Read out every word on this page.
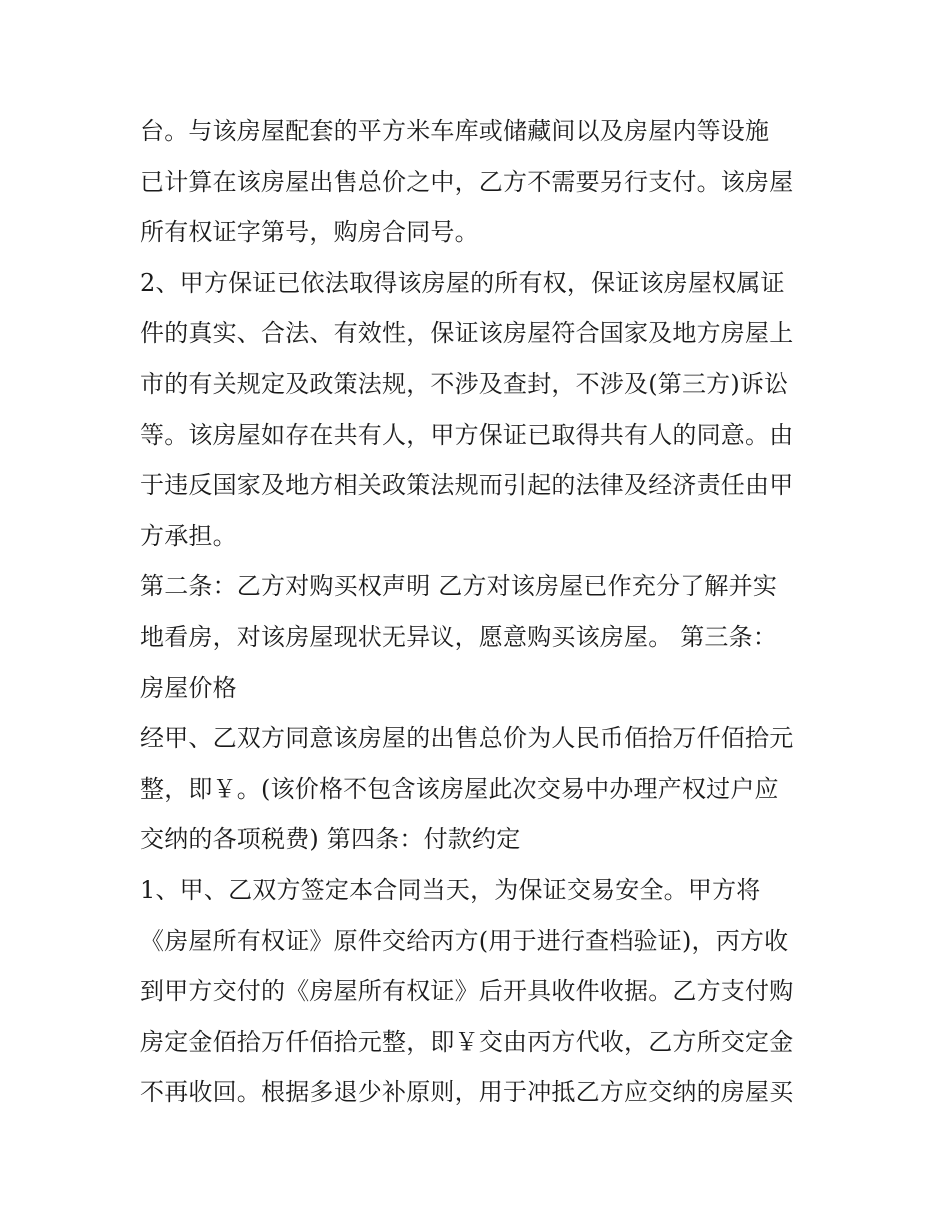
台。与该房屋配套的平方米车库或储藏间以及房屋内等设施
已计算在该房屋出售总价之中，乙方不需要另行支付。该房屋
所有权证字第号，购房合同号。
2、甲方保证已依法取得该房屋的所有权，保证该房屋权属证
件的真实、合法、有效性，保证该房屋符合国家及地方房屋上
市的有关规定及政策法规，不涉及查封，不涉及(第三方)诉讼
等。该房屋如存在共有人，甲方保证已取得共有人的同意。由
于违反国家及地方相关政策法规而引起的法律及经济责任由甲
方承担。
第二条：乙方对购买权声明 乙方对该房屋已作充分了解并实
地看房，对该房屋现状无异议，愿意购买该房屋。 第三条：
房屋价格
经甲、乙双方同意该房屋的出售总价为人民币佰拾万仟佰拾元
整，即￥。(该价格不包含该房屋此次交易中办理产权过户应
交纳的各项税费) 第四条：付款约定
1、甲、乙双方签定本合同当天，为保证交易安全。甲方将
《房屋所有权证》原件交给丙方(用于进行查档验证)，丙方收
到甲方交付的《房屋所有权证》后开具收件收据。乙方支付购
房定金佰拾万仟佰拾元整，即￥交由丙方代收，乙方所交定金
不再收回。根据多退少补原则，用于冲抵乙方应交纳的房屋买
